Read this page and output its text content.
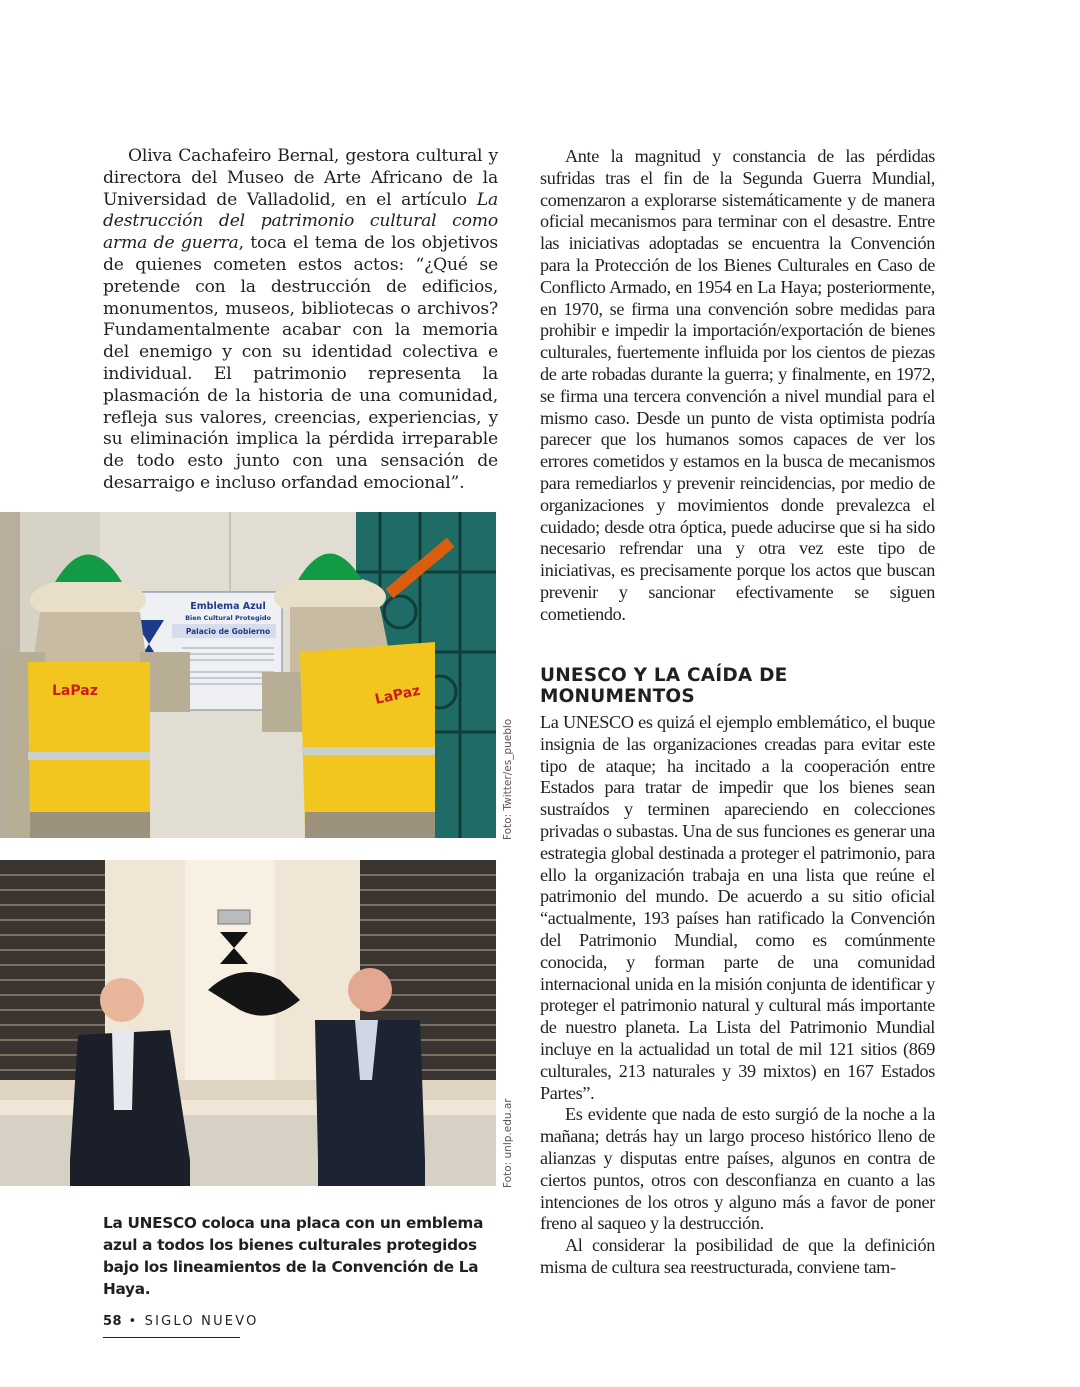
Oliva Cachafeiro Bernal, gestora cultural y directora del Museo de Arte Africano de la Universidad de Valladolid, en el artículo La destrucción del patrimonio cultural como arma de guerra, toca el tema de los objetivos de quienes cometen estos actos: “¿Qué se pretende con la destrucción de edificios, monumentos, museos, bibliotecas o archivos? Fundamentalmente acabar con la memoria del enemigo y con su identidad colectiva e individual. El patrimonio representa la plasmación de la historia de una comunidad, refleja sus valores, creencias, experiencias, y su eliminación implica la pérdida irreparable de todo esto junto con una sensación de desarraigo e incluso orfandad emocional”.

Ante la magnitud y constancia de las pérdidas sufridas tras el fin de la Segunda Guerra Mundial, comenzaron a explorarse sistemáticamente y de manera oficial mecanismos para terminar con el desastre. Entre las iniciativas adoptadas se encuentra la Convención para la Protección de los Bienes Culturales en Caso de Conflicto Armado, en 1954 en La Haya; posteriormente, en 1970, se firma una convención sobre medidas para prohibir e impedir la importación/exportación de bienes culturales, fuertemente influida por los cientos de piezas de arte robadas durante la guerra; y finalmente, en 1972, se firma una tercera convención a nivel mundial para el mismo caso. Desde un punto de vista optimista podría parecer que los humanos somos capaces de ver los errores cometidos y estamos en la busca de mecanismos para remediarlos y prevenir reincidencias, por medio de organizaciones y movimientos donde prevalezca el cuidado; desde otra óptica, puede aducirse que si ha sido necesario refrendar una y otra vez este tipo de iniciativas, es precisamente porque los actos que buscan prevenir y sancionar efectivamente se siguen cometiendo.

UNESCO Y LA CAÍDA DE MONUMENTOS

La UNESCO es quizá el ejemplo emblemático, el buque insignia de las organizaciones creadas para evitar este tipo de ataque; ha incitado a la cooperación entre Estados para tratar de impedir que los bienes sean sustraídos y terminen apareciendo en colecciones privadas o subastas. Una de sus funciones es generar una estrategia global destinada a proteger el patrimonio, para ello la organización trabaja en una lista que reúne el patrimonio del mundo. De acuerdo a su sitio oficial “actualmente, 193 países han ratificado la Convención del Patrimonio Mundial, como es comúnmente conocida, y forman parte de una comunidad internacional unida en la misión conjunta de identificar y proteger el patrimonio natural y cultural más importante de nuestro planeta. La Lista del Patrimonio Mundial incluye en la actualidad un total de mil 121 sitios (869 culturales, 213 naturales y 39 mixtos) en 167 Estados Partes”.

Es evidente que nada de esto surgió de la noche a la mañana; detrás hay un largo proceso histórico lleno de alianzas y disputas entre países, algunos en contra de ciertos puntos, otros con desconfianza en cuanto a las intenciones de los otros y alguno más a favor de poner freno al saqueo y la destrucción.

Al considerar la posibilidad de que la definición misma de cultura sea reestructurada, conviene tam-

Emblema Azul
Bien Cultural Protegido
Palacio de Gobierno
LaPaz	LaPaz
Foto: Twitter/es_pueblo
Foto: unlp.edu.ar
La UNESCO coloca una placa con un emblema azul a todos los bienes culturales protegidos bajo los lineamientos de la Convención de La Haya.
58 • SIGLO NUEVO
